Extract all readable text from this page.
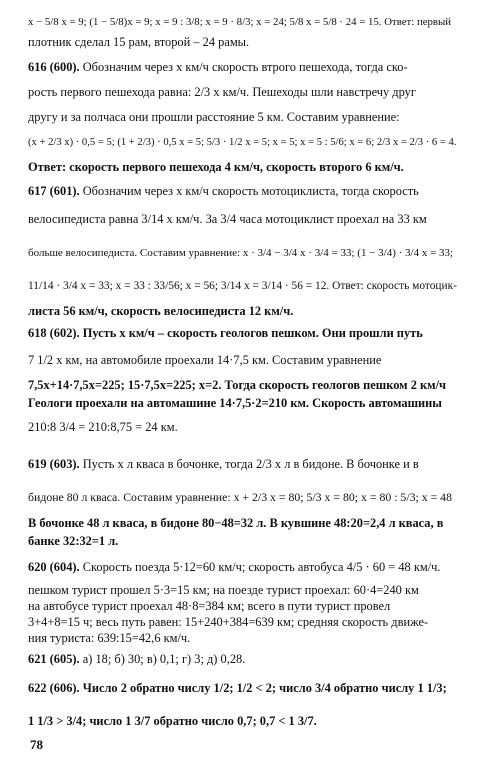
x − 5/8 x = 9; (1 − 5/8)x = 9; x = 9 : 3/8; x = 9 · 8/3; x = 24; 5/8 x = 5/8 · 24 = 15. Ответ: первый

плотник сделал 15 рам, второй – 24 рамы.

616 (600). Обозначим через x км/ч скорость втрого пешехода, тогда ско-

рость первого пешехода равна: 2/3 x км/ч. Пешеходы шли навстречу друг

другу и за полчаса они прошли расстояние 5 км. Составим уравнение:

(x + 2/3 x) · 0,5 = 5; (1 + 2/3) · 0,5 x = 5; 5/3 · 1/2 x = 5; x = 5; x = 5 : 5/6; x = 6; 2/3 x = 2/3 · 6 = 4.

Ответ: скорость первого пешехода 4 км/ч, скорость второго 6 км/ч.

617 (601). Обозначим через x км/ч скорость мотоциклиста, тогда скорость

велосипедиста равна 3/14 x км/ч. За 3/4 часа мотоциклист проехал на 33 км

больше велосипедиста. Составим уравнение: x · 3/4 − 3/4 x · 3/4 = 33; (1 − 3/4) · 3/4 x = 33;

11/14 · 3/4 x = 33; x = 33 : 33/56; x = 56; 3/14 x = 3/14 · 56 = 12. Ответ: скорость мотоцик-

листа 56 км/ч, скорость велосипедиста 12 км/ч.

618 (602). Пусть x км/ч – скорость геологов пешком. Они прошли путь

7 1/2 x км, на автомобиле проехали 14·7,5 км. Составим уравнение

7,5x+14·7,5x=225; 15·7,5x=225; x=2. Тогда скорость геологов пешком 2 км/ч

Геологи проехали на автомашине 14·7,5·2=210 км. Скорость автомашины

210:8 3/4 = 210:8,75 = 24 км.

619 (603). Пусть x л кваса в бочонке, тогда 2/3 x л в бидоне. В бочонке и в

бидоне 80 л кваса. Составим уравнение: x + 2/3 x = 80; 5/3 x = 80; x = 80 : 5/3; x = 48

В бочонке 48 л кваса, в бидоне 80−48=32 л. В кувшине 48:20=2,4 л кваса, в

банке 32:32=1 л.

620 (604). Скорость поезда 5·12=60 км/ч; скорость автобуса 4/5 · 60 = 48 км/ч.

пешком турист прошел 5·3=15 км; на поезде турист проехал: 60·4=240 км

на автобусе турист проехал 48·8=384 км; всего в пути турист провел

3+4+8=15 ч; весь путь равен: 15+240+384=639 км; средняя скорость движе-

ния туриста: 639:15=42,6 км/ч.

621 (605). а) 18; б) 30; в) 0,1; г) 3; д) 0,28.

622 (606). Число 2 обратно числу 1/2; 1/2 < 2; число 3/4 обратно числу 1 1/3;

1 1/3 > 3/4; число 1 3/7 обратно число 0,7; 0,7 < 1 3/7.

78
